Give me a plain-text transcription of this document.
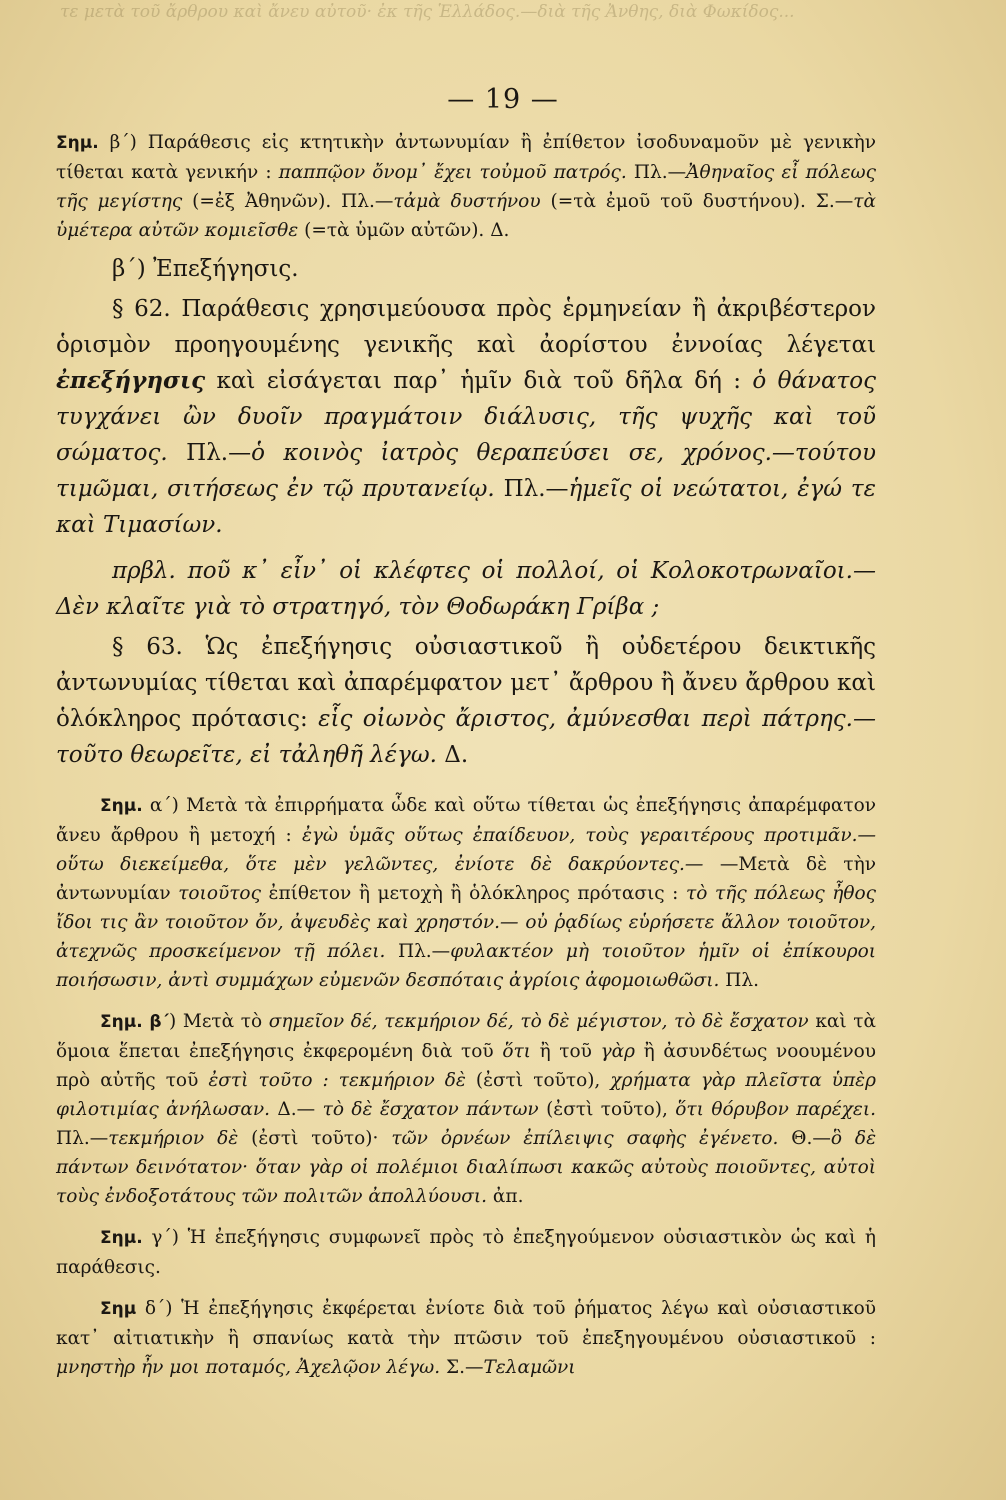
τε μετὰ τοῦ ἄρθρου καὶ ἄνευ αὐτοῦ· ἐκ τῆς Ἑλλάδος.—διὰ τῆς Ἀνθης, διὰ Φωκίδος...
— 19 —

Σημ. β΄) Παράθεσις εἰς κτητικὴν ἀντωνυμίαν ἢ ἐπίθετον ἰσοδυναμοῦν μὲ γενικὴν τίθεται κατὰ γενικήν : παππῷον ὄνομ᾽ ἔχει τοὐμοῦ πατρός. Πλ.—Ἀθηναῖος εἶ πόλεως τῆς μεγίστης (=ἐξ Ἀθηνῶν). Πλ.—τἀμὰ δυστήνου (=τὰ ἐμοῦ τοῦ δυστήνου). Σ.—τὰ ὑμέτερα αὐτῶν κομιεῖσθε (=τὰ ὑμῶν αὐτῶν). Δ.

β΄) Ἐπεξήγησις.

§ 62. Παράθεσις χρησιμεύουσα πρὸς ἑρμηνείαν ἢ ἀκριβέστερον ὁρισμὸν προηγουμένης γενικῆς καὶ ἀορίστου ἐννοίας λέγεται ἐπεξήγησις καὶ εἰσάγεται παρ᾽ ἡμῖν διὰ τοῦ δῆλα δή : ὁ θάνατος τυγχάνει ὢν δυοῖν πραγμάτοιν διάλυσις, τῆς ψυχῆς καὶ τοῦ σώματος. Πλ.—ὁ κοινὸς ἰατρὸς θεραπεύσει σε, χρόνος.—τούτου τιμῶμαι, σιτήσεως ἐν τῷ πρυτανείῳ. Πλ.—ἡμεῖς οἱ νεώτατοι, ἐγώ τε καὶ Τιμασίων.

πρβλ. ποῦ κ᾽ εἶν᾽ οἱ κλέφτες οἱ πολλοί, οἱ Κολοκοτρωναῖοι.— Δὲν κλαῖτε γιὰ τὸ στρατηγό, τὸν Θοδωράκη Γρίβα ;

§ 63. Ὡς ἐπεξήγησις οὐσιαστικοῦ ἢ οὐδετέρου δεικτικῆς ἀντωνυμίας τίθεται καὶ ἀπαρέμφατον μετ᾽ ἄρθρου ἢ ἄνευ ἄρθρου καὶ ὁλόκληρος πρότασις: εἷς οἰωνὸς ἄριστος, ἀμύνεσθαι περὶ πάτρης.—τοῦτο θεωρεῖτε, εἰ τἀληθῆ λέγω. Δ.

Σημ. α΄) Μετὰ τὰ ἐπιρρήματα ὧδε καὶ οὕτω τίθεται ὡς ἐπεξήγησις ἀπαρέμφατον ἄνευ ἄρθρου ἢ μετοχή : ἐγὼ ὑμᾶς οὕτως ἐπαίδευον, τοὺς γεραιτέρους προτιμᾶν.—οὕτω διεκείμεθα, ὅτε μὲν γελῶντες, ἐνίοτε δὲ δακρύοντες.— —Μετὰ δὲ τὴν ἀντωνυμίαν τοιοῦτος ἐπίθετον ἢ μετοχὴ ἢ ὁλόκληρος πρότασις : τὸ τῆς πόλεως ἦθος ἴδοι τις ἂν τοιοῦτον ὄν, ἀψευδὲς καὶ χρηστόν.— οὐ ῥᾳδίως εὑρήσετε ἄλλον τοιοῦτον, ἀτεχνῶς προσκείμενον τῇ πόλει. Πλ.—φυλακτέον μὴ τοιοῦτον ἡμῖν οἱ ἐπίκουροι ποιήσωσιν, ἀντὶ συμμάχων εὐμενῶν δεσπόταις ἀγρίοις ἀφομοιωθῶσι. Πλ.

Σημ. β΄) Μετὰ τὸ σημεῖον δέ, τεκμήριον δέ, τὸ δὲ μέγιστον, τὸ δὲ ἔσχατον καὶ τὰ ὅμοια ἕπεται ἐπεξήγησις ἐκφερομένη διὰ τοῦ ὅτι ἢ τοῦ γὰρ ἢ ἀσυνδέτως νοουμένου πρὸ αὐτῆς τοῦ ἐστὶ τοῦτο : τεκμήριον δὲ (ἐστὶ τοῦτο), χρήματα γὰρ πλεῖστα ὑπὲρ φιλοτιμίας ἀνήλωσαν. Δ.— τὸ δὲ ἔσχατον πάντων (ἐστὶ τοῦτο), ὅτι θόρυβον παρέχει. Πλ.—τεκμήριον δὲ (ἐστὶ τοῦτο)· τῶν ὀρνέων ἐπίλειψις σαφὴς ἐγένετο. Θ.—ὃ δὲ πάντων δεινότατον· ὅταν γὰρ οἱ πολέμιοι διαλίπωσι κακῶς αὐτοὺς ποιοῦντες, αὐτοὶ τοὺς ἐνδοξοτάτους τῶν πολιτῶν ἀπολλύουσι. ἀπ.

Σημ. γ΄) Ἡ ἐπεξήγησις συμφωνεῖ πρὸς τὸ ἐπεξηγούμενον οὐσιαστικὸν ὡς καὶ ἡ παράθεσις.

Σημ δ΄) Ἡ ἐπεξήγησις ἐκφέρεται ἐνίοτε διὰ τοῦ ῥήματος λέγω καὶ οὐσιαστικοῦ κατ᾽ αἰτιατικὴν ἢ σπανίως κατὰ τὴν πτῶσιν τοῦ ἐπεξηγουμένου οὐσιαστικοῦ : μνηστὴρ ἦν μοι ποταμός, Ἀχελῷον λέγω. Σ.—Τελαμῶνι
